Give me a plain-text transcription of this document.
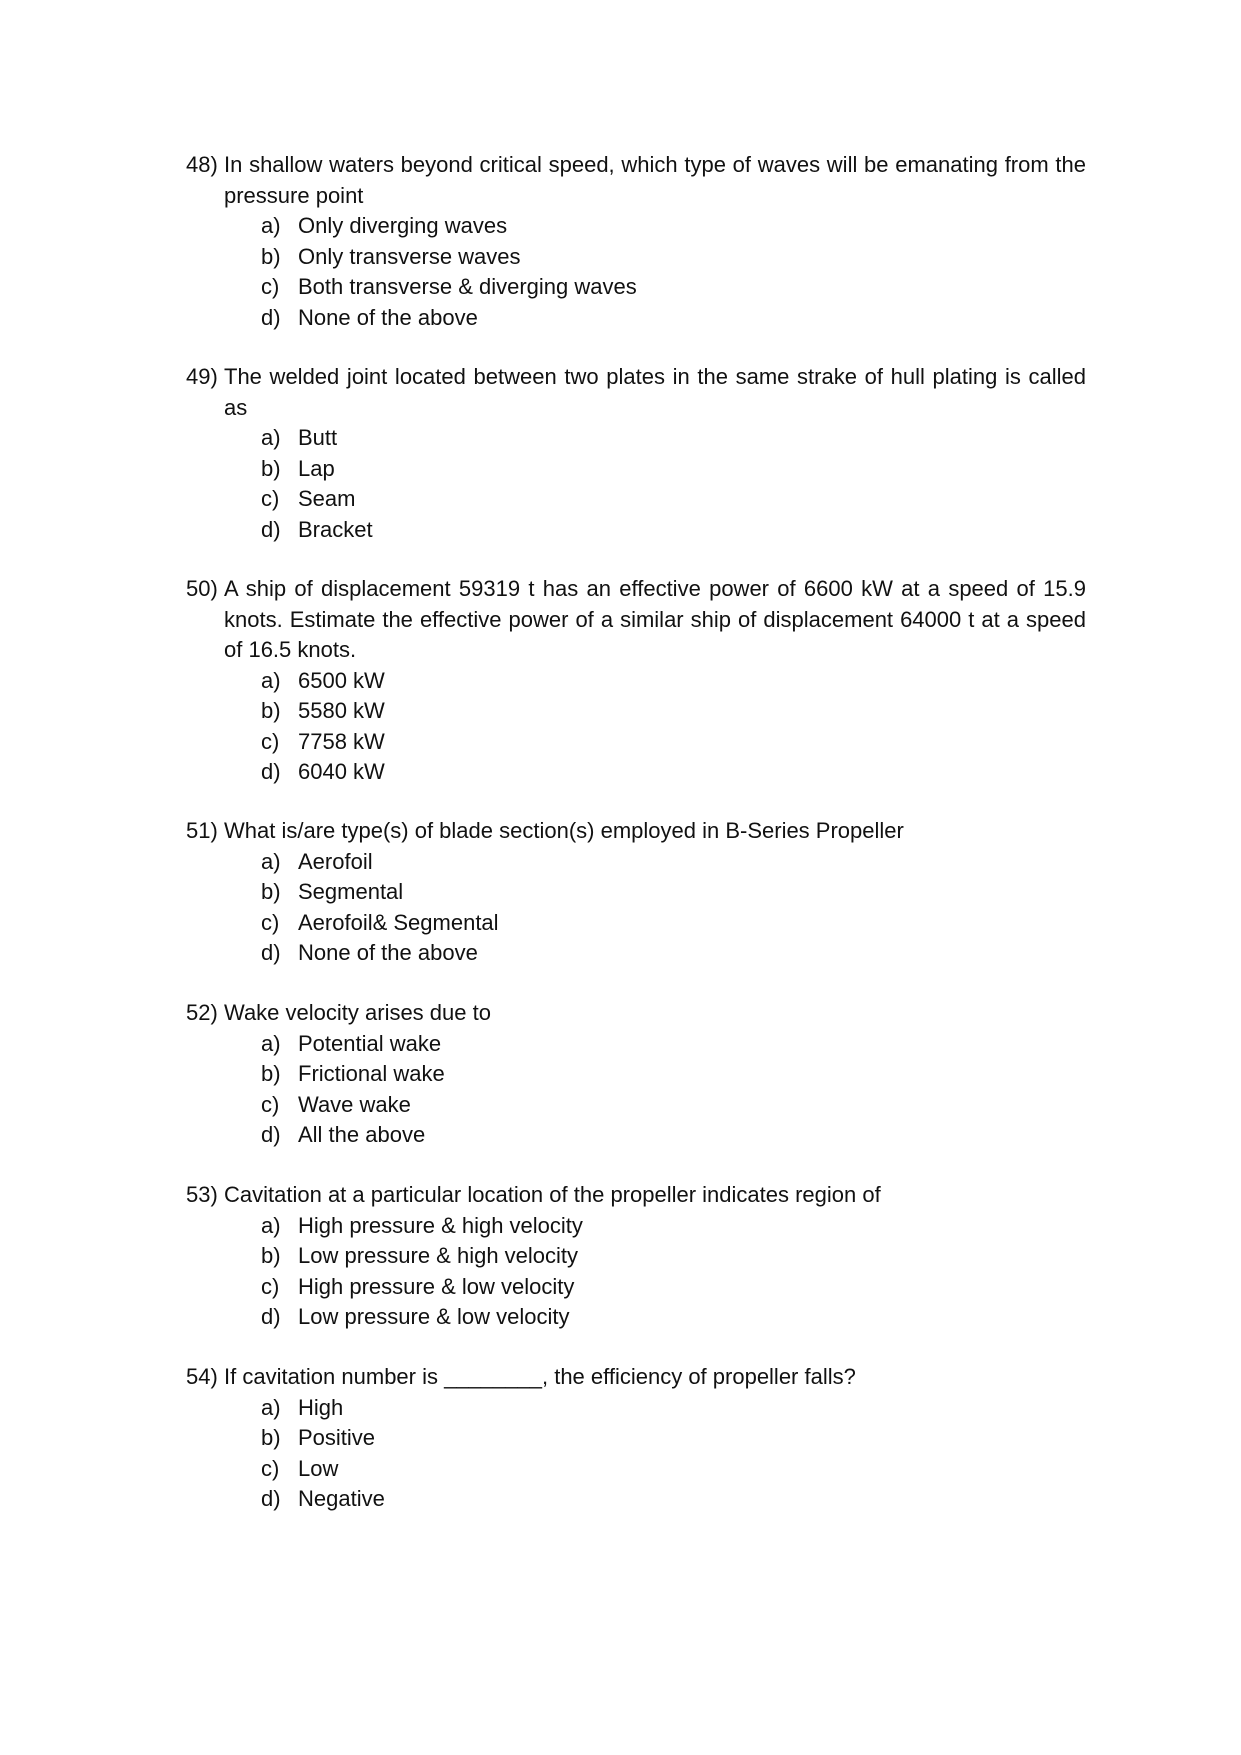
48) In shallow waters beyond critical speed, which type of waves will be emanating from the pressure point
a) Only diverging waves
b) Only transverse waves
c) Both transverse & diverging waves
d) None of the above
49) The welded joint located between two plates in the same strake of hull plating is called as
a) Butt
b) Lap
c) Seam
d) Bracket
50) A ship of displacement 59319 t has an effective power of 6600 kW at a speed of 15.9 knots. Estimate the effective power of a similar ship of displacement 64000 t at a speed of 16.5 knots.
a) 6500 kW
b) 5580 kW
c) 7758 kW
d) 6040 kW
51) What is/are type(s) of blade section(s) employed in B-Series Propeller
a) Aerofoil
b) Segmental
c) Aerofoil& Segmental
d) None of the above
52) Wake velocity arises due to
a) Potential wake
b) Frictional wake
c) Wave wake
d) All the above
53) Cavitation at a particular location of the propeller indicates region of
a) High pressure & high velocity
b) Low pressure & high velocity
c) High pressure & low velocity
d) Low pressure & low velocity
54) If cavitation number is ________, the efficiency of propeller falls?
a) High
b) Positive
c) Low
d) Negative
